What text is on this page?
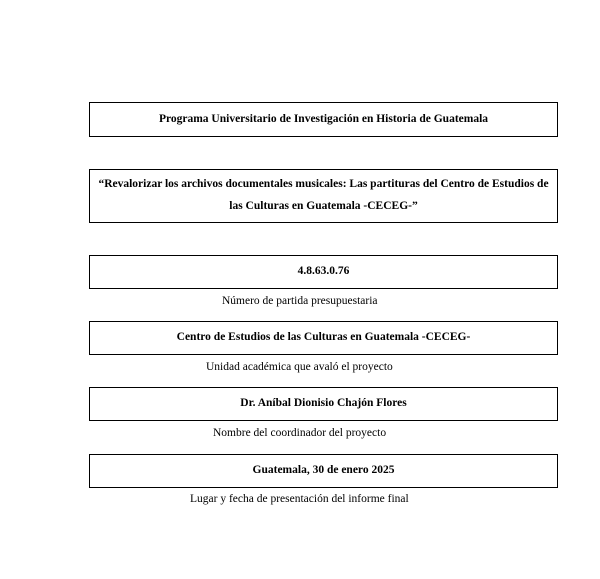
Programa Universitario de Investigación en Historia de Guatemala
“Revalorizar los archivos documentales musicales: Las partituras del Centro de Estudios de las Culturas en Guatemala -CECEG-”
4.8.63.0.76
Número de partida presupuestaria
Centro de Estudios de las Culturas en Guatemala -CECEG-
Unidad académica que avaló el proyecto
Dr. Aníbal Dionisio Chajón Flores
Nombre del coordinador del proyecto
Guatemala, 30 de enero 2025
Lugar y fecha de presentación del informe final
